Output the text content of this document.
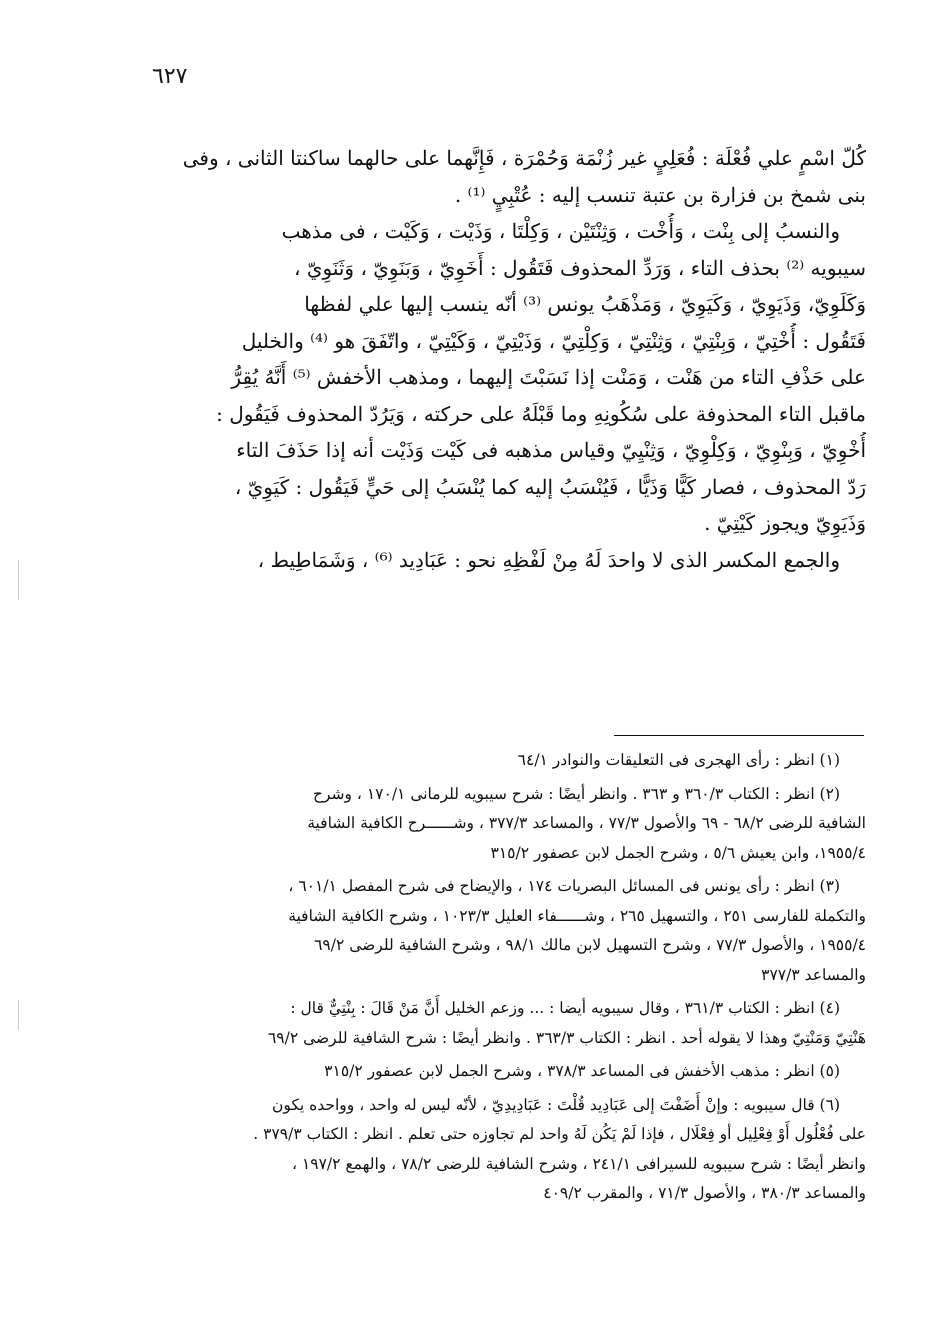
٦٢٧
كُلّ اسْمٍ علي فُعْلَة : فُعَلِيٍ غير زُنْمَة وَحُمْرَة ، فَإِنَّهما على حالهما ساكنتا الثانى ، وفى
بنى شمخ بن فزارة بن عتبة تنسب إليه : عُتْبِيٍ ⁽¹⁾ .
والنسبُ إلى بِنْت ، وَأُخْت ، وَثِنْتَيْن ، وَكِلْتَا ، وَذَيْت ، وَكَيْت ، فى مذهب
سيبويه ⁽²⁾ بحذف التاء ، وَرَدِّ المحذوف فَتَقُول : أَخَوِيّ ، وَبَنَوِيّ ، وَثَنَوِيّ ،
وَكَلَوِيّ، وَذَيَوِيّ ، وَكَيَوِيّ ، وَمَذْهَبُ يونس ⁽³⁾ أنّه ينسب إليها علي لفظها
فَتَقُول : أُخْتِيّ ، وَبِنْتِيّ ، وَثِنْتِيّ ، وَكِلْتِيّ ، وَذَيْتِيّ ، وَكَيْتِيّ ، واتّفَقَ هو ⁽⁴⁾ والخليل
على حَذْفِ التاء من هَنْت ، وَمَنْت إذا نَسَبْتَ إليهما ، ومذهب الأخفش ⁽⁵⁾ أَنَّهُ يُقِرُّ
ماقبل التاء المحذوفة على سُكُونِهِ وما قَبْلَهُ على حركته ، وَيَرُدّ المحذوف فَيَقُول :
أُخْوِيّ ، وَبِنْوِيّ ، وَكِلْوِيّ ، وَثِنْيِيّ وقياس مذهبه فى كَيْت وَذَيْت أنه إذا حَذَفَ التاء
رَدّ المحذوف ، فصار كَيًّا وَذَيًّا ، فَيُنْسَبُ إليه كما يُنْسَبُ إلى حَيٍّ فَيَقُول : كَيَوِيّ ،
وَذَيَوِيّ ويجوز كَيْتِيّ .
والجمع المكسر الذى لا واحدَ لَهُ مِنْ لَفْظِهِ نحو : عَبَادِيد ⁽⁶⁾ ، وَشَمَاطِيط ،
(١) انظر : رأى الهجرى فى التعليقات والنوادر ٦٤/١
(٢) انظر : الكتاب ٣٦٠/٣ و ٣٦٣ . وانظر أيضًا : شرح سيبويه للرمانى ١٧٠/١ ، وشرح
الشافية للرضى ٦٨/٢ - ٦٩ والأصول ٧٧/٣ ، والمساعد ٣٧٧/٣ ، وشــــــرح الكافية الشافية
١٩٥٥/٤، وابن يعيش ٥/٦ ، وشرح الجمل لابن عصفور ٣١٥/٢
(٣) انظر : رأى يونس فى المسائل البصريات ١٧٤ ، والإيضاح فى شرح المفصل ٦٠١/١ ،
والتكملة للفارسى ٢٥١ ، والتسهيل ٢٦٥ ، وشــــــفاء العليل ١٠٢٣/٣ ، وشرح الكافية الشافية
١٩٥٥/٤ ، والأصول ٧٧/٣ ، وشرح التسهيل لابن مالك ٩٨/١ ، وشرح الشافية للرضى ٦٩/٢
والمساعد ٣٧٧/٣
(٤) انظر : الكتاب ٣٦١/٣ ، وقال سيبويه أيضا : ... وزعم الخليل أَنَّ مَنْ قَالَ : بِنْتِيٌّ قال :
هَنْتِيّ وَمَنْتِيّ وهذا لا يقوله أحد . انظر : الكتاب ٣٦٣/٣ . وانظر أيضًا : شرح الشافية للرضى ٦٩/٢
(٥) انظر : مذهب الأخفش فى المساعد ٣٧٨/٣ ، وشرح الجمل لابن عصفور ٣١٥/٢
(٦) قال سيبويه : وإنْ أَضَفْتَ إلى عَبَادِيد قُلْتَ : عَبَادِيدِيّ ، لأنّه ليس له واحد ، وواحده يكون
على فُعْلُول أَوْ فِعْلِيل أو فِعْلَال ، فإذا لَمْ يَكُن لَهُ واحد لم تجاوزه حتى تعلم . انظر : الكتاب ٣٧٩/٣ .
وانظر أيضًا : شرح سيبويه للسيرافى ٢٤١/١ ، وشرح الشافية للرضى ٧٨/٢ ، والهمع ١٩٧/٢ ،
والمساعد ٣٨٠/٣ ، والأصول ٧١/٣ ، والمقرب ٤٠٩/٢
